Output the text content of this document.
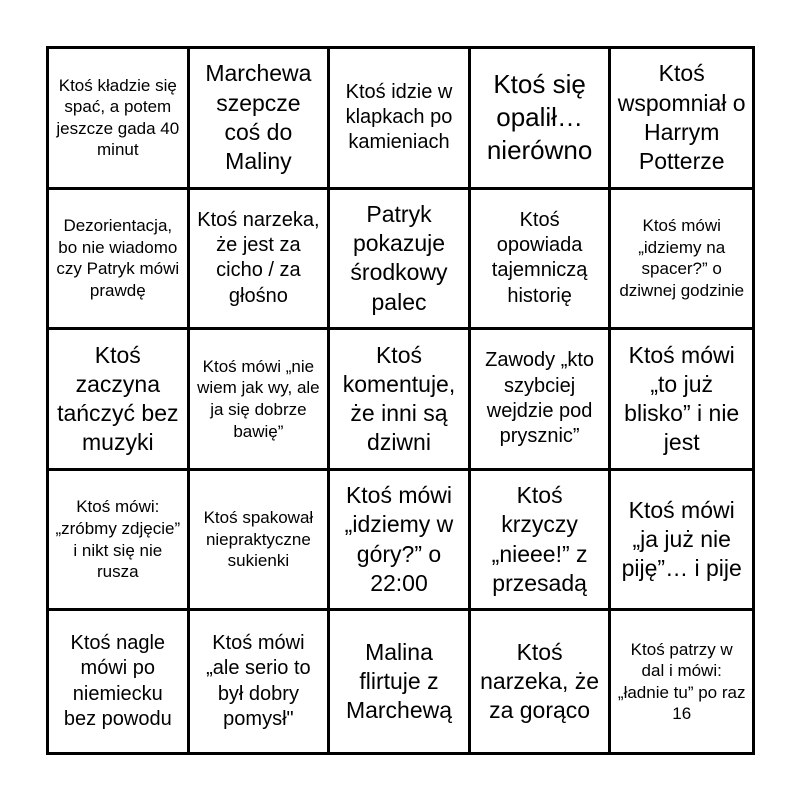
Ktoś kładzie się spać, a potem jeszcze gada 40 minut
Marchewa szepcze coś do Maliny
Ktoś idzie w klapkach po kamieniach
Ktoś się opalił… nierówno
Ktoś wspomniał o Harrym Potterze
Dezorientacja, bo nie wiadomo czy Patryk mówi prawdę
Ktoś narzeka, że jest za cicho / za głośno
Patryk pokazuje środkowy palec
Ktoś opowiada tajemniczą historię
Ktoś mówi „idziemy na spacer?” o dziwnej godzinie
Ktoś zaczyna tańczyć bez muzyki
Ktoś mówi „nie wiem jak wy, ale ja się dobrze bawię”
Ktoś komentuje, że inni są dziwni
Zawody „kto szybciej wejdzie pod prysznic”
Ktoś mówi „to już blisko” i nie jest
Ktoś mówi: „zróbmy zdjęcie” i nikt się nie rusza
Ktoś spakował niepraktyczne sukienki
Ktoś mówi „idziemy w góry?” o 22:00
Ktoś krzyczy „nieee!” z przesadą
Ktoś mówi „ja już nie piję”… i pije
Ktoś nagle mówi po niemiecku bez powodu
Ktoś mówi „ale serio to był dobry pomysł"
Malina flirtuje z Marchewą
Ktoś narzeka, że za gorąco
Ktoś patrzy w dal i mówi: „ładnie tu” po raz 16
